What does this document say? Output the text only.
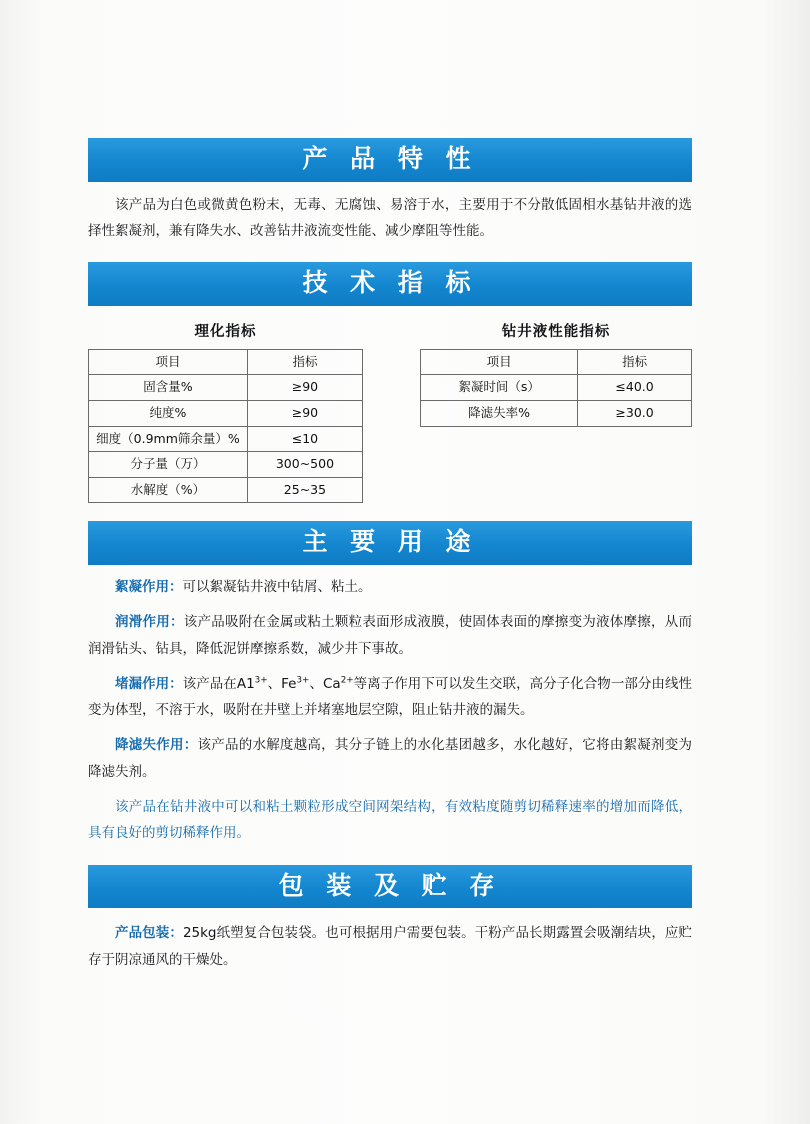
产 品 特 性

该产品为白色或微黄色粉末，无毒、无腐蚀、易溶于水，主要用于不分散低固相水基钻井液的选择性絮凝剂，兼有降失水、改善钻井液流变性能、减少摩阻等性能。

技 术 指 标
理化指标
项目	指标
固含量%	≥90
纯度%	≥90
细度（0.9mm筛余量）%	≤10
分子量（万）	300~500
水解度（%）	25~35
钻井液性能指标
项目	指标
絮凝时间（s）	≤40.0
降滤失率%	≥30.0
主 要 用 途

絮凝作用：可以絮凝钻井液中钻屑、粘土。

润滑作用：该产品吸附在金属或粘土颗粒表面形成液膜，使固体表面的摩擦变为液体摩擦，从而润滑钻头、钻具，降低泥饼摩擦系数，减少井下事故。

堵漏作用：该产品在$A1^{3+}$、$Fe^{3+}$、$Ca^{2+}$等离子作用下可以发生交联，高分子化合物一部分由线性变为体型，不溶于水，吸附在井壁上并堵塞地层空隙，阻止钻井液的漏失。

降滤失作用：该产品的水解度越高，其分子链上的水化基团越多，水化越好，它将由絮凝剂变为降滤失剂。

该产品在钻井液中可以和粘土颗粒形成空间网架结构，有效粘度随剪切稀释速率的增加而降低，具有良好的剪切稀释作用。

包 装 及 贮 存

产品包装：25kg纸塑复合包装袋。也可根据用户需要包装。干粉产品长期露置会吸潮结块，应贮存于阴凉通风的干燥处。
